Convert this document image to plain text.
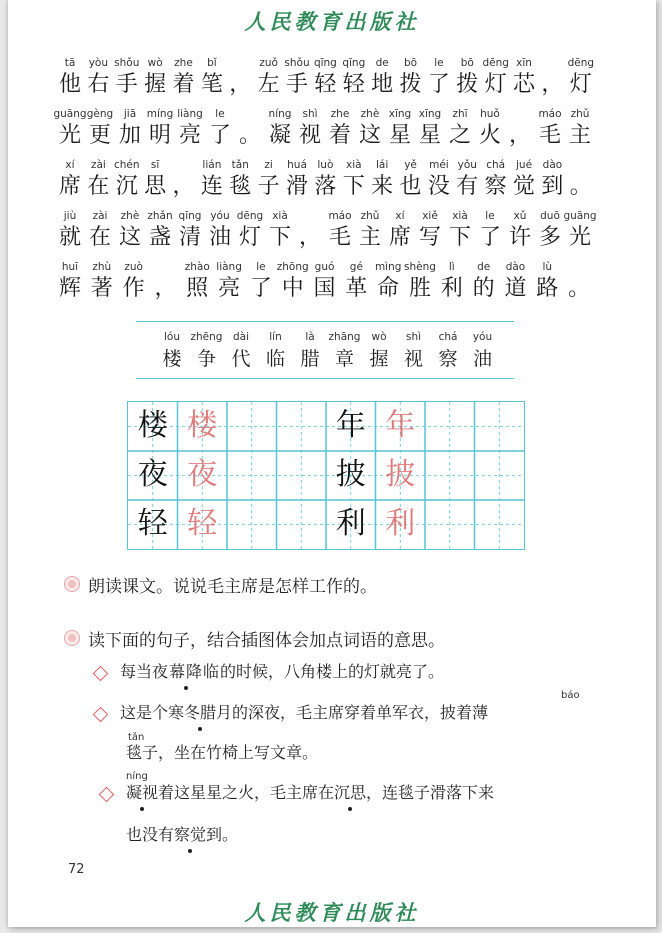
人民教育出版社
tā
他
yòu
右
shǒu
手
wò
握
zhe
着
bǐ
笔 ，
zuǒ
左
shǒu
手
qīng
轻
qīng
轻
de
地
bō
拨
le
了
bō
拨
dēng
灯
xīn
芯 ，
dēng
灯
guāng
光
gèng
更
jiā
加
míng
明
liàng
亮
le
了 。
níng
凝
shì
视
zhe
着
zhè
这
xīng
星
xīng
星
zhī
之
huǒ
火 ，
máo
毛
zhǔ
主
xí
席
zài
在
chén
沉
sī
思 ，
lián
连
tǎn
毯
zi
子
huá
滑
luò
落
xià
下
lái
来
yě
也
méi
没
yǒu
有
chá
察
jué
觉
dào
到 。
jiù
就
zài
在
zhè
这
zhǎn
盏
qīng
清
yóu
油
dēng
灯
xià
下 ，
máo
毛
zhǔ
主
xí
席
xiě
写
xià
下
le
了
xǔ
许
duō
多
guāng
光
huī
辉
zhù
著
zuò
作 ，
zhào
照
liàng
亮
le
了
zhōng
中
guó
国
gé
革
mìng
命
shèng
胜
lì
利
de
的
dào
道
lù
路 。
lóu
楼
zhēng
争
dài
代
lín
临
là
腊
zhāng
章
wò
握
shì
视
chá
察
yóu
油
楼 楼
夜 夜
轻 轻
年 年
披 披
利 利
朗读课文。说说毛主席是怎样工作的。
读下面的句子，结合插图体会加点词语的意思。
每当夜幕降临的时候，八角楼上的灯就亮了。
báo
这是个寒冬腊月的深夜，毛主席穿着单军衣，披着薄
tǎn
毯子，坐在竹椅上写文章。
níng
凝视着这星星之火，毛主席在沉思，连毯子滑落下来
也没有察觉到。
72
人民教育出版社
